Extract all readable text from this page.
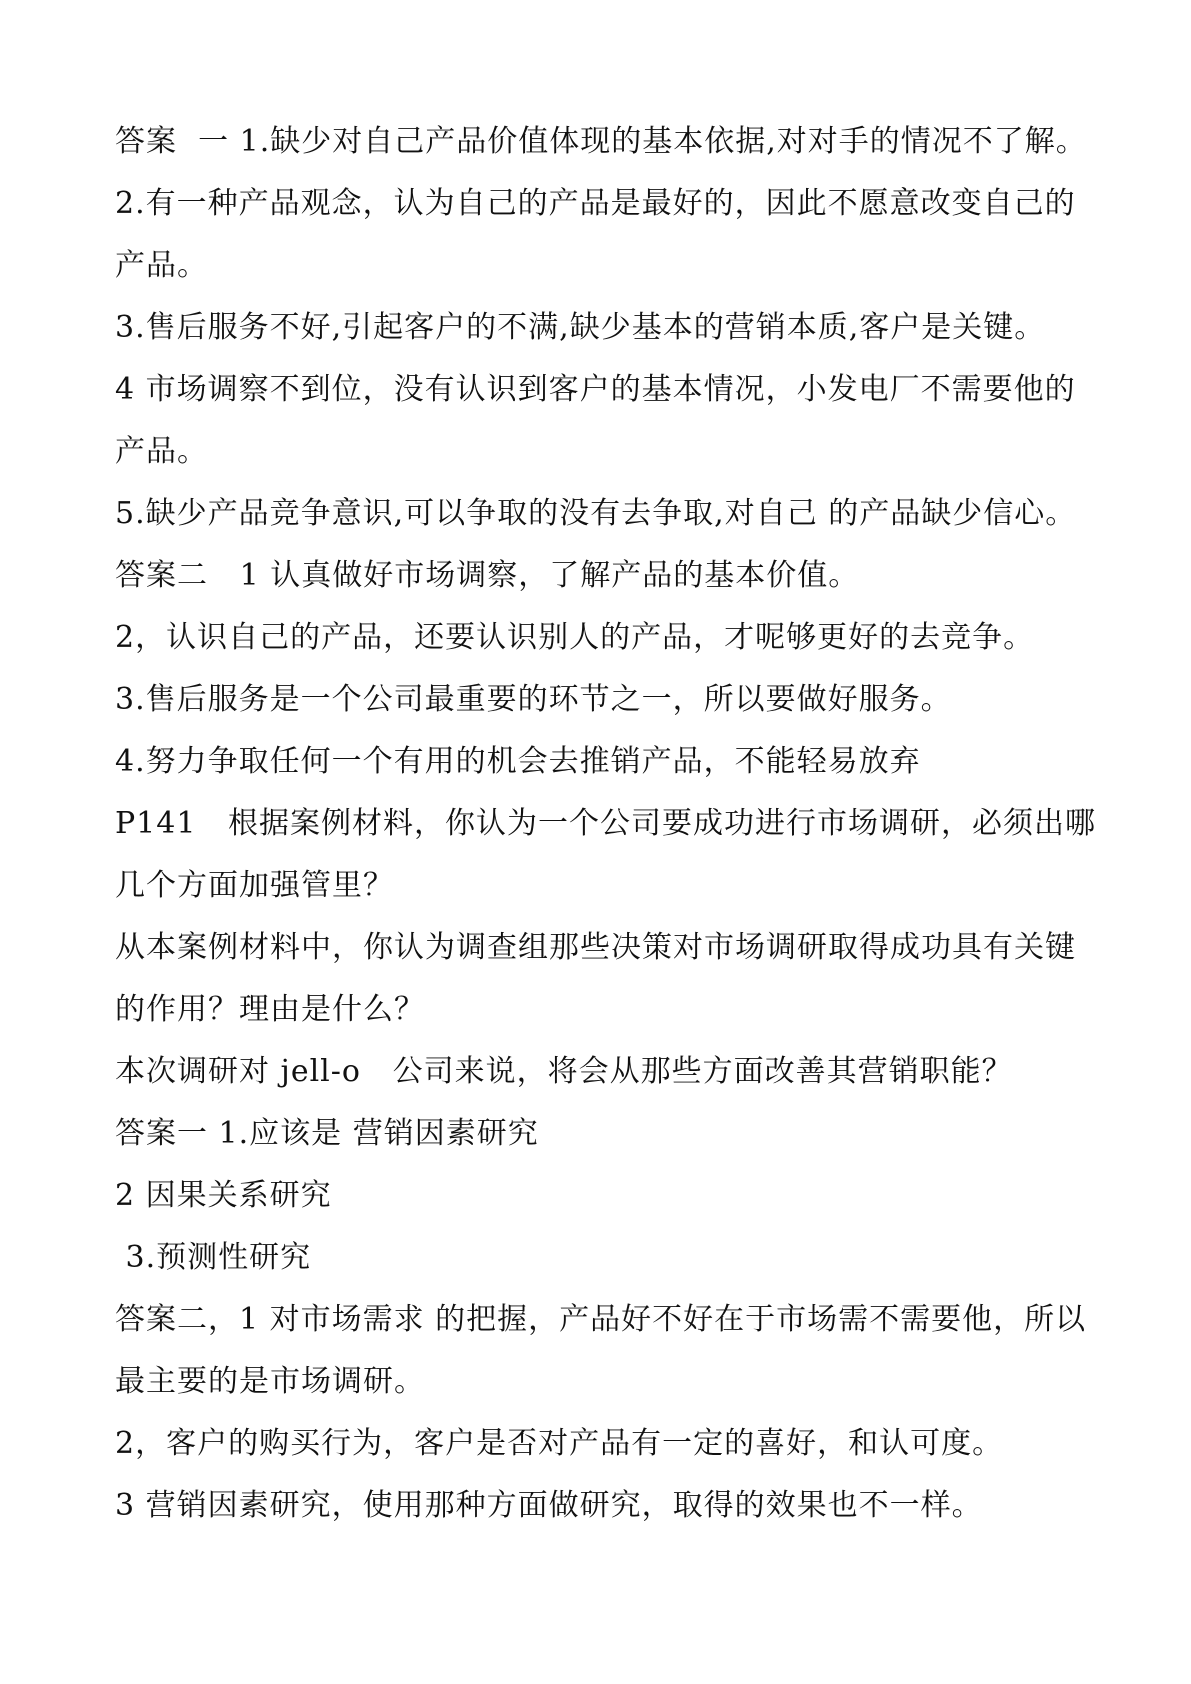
答案  一 1.缺少对自己产品价值体现的基本依据,对对手的情况不了解。
2.有一种产品观念，认为自己的产品是最好的，因此不愿意改变自己的
产品。
3.售后服务不好,引起客户的不满,缺少基本的营销本质,客户是关键。
4 市场调察不到位，没有认识到客户的基本情况，小发电厂不需要他的
产品。
5.缺少产品竞争意识,可以争取的没有去争取,对自己 的产品缺少信心。
答案二   1 认真做好市场调察，了解产品的基本价值。
2，认识自己的产品，还要认识别人的产品，才呢够更好的去竞争。
3.售后服务是一个公司最重要的环节之一，所以要做好服务。
4.努力争取任何一个有用的机会去推销产品，不能轻易放弃
P141   根据案例材料，你认为一个公司要成功进行市场调研，必须出哪
几个方面加强管里？
从本案例材料中，你认为调查组那些决策对市场调研取得成功具有关键
的作用？理由是什么？
本次调研对 jell-o   公司来说，将会从那些方面改善其营销职能？
答案一 1.应该是 营销因素研究
2 因果关系研究
3.预测性研究
答案二，1 对市场需求 的把握，产品好不好在于市场需不需要他，所以
最主要的是市场调研。
2，客户的购买行为，客户是否对产品有一定的喜好，和认可度。
3 营销因素研究，使用那种方面做研究，取得的效果也不一样。
